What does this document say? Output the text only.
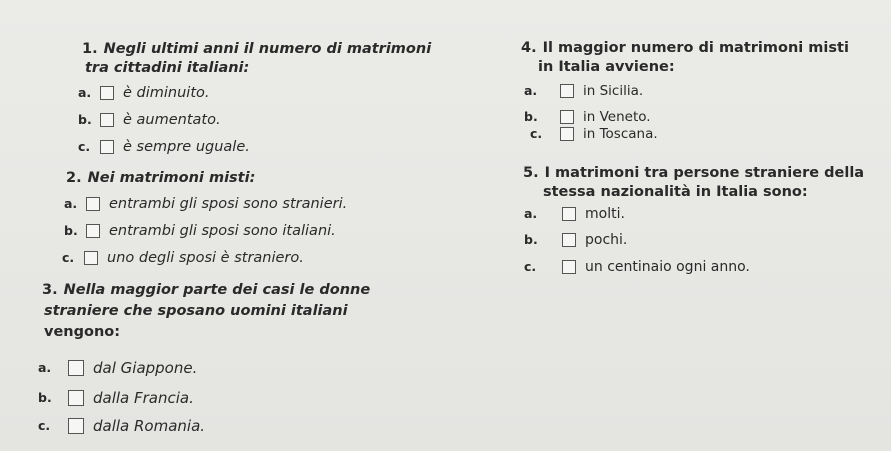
1. Negli ultimi anni il numero di matrimoni
tra cittadini italiani:
a.	è diminuito.
b.	è aumentato.
c.	è sempre uguale.
2. Nei matrimoni misti:
a.	entrambi gli sposi sono stranieri.
b.	entrambi gli sposi sono italiani.
c.	uno degli sposi è straniero.
3. Nella maggior parte dei casi le donne
straniere che sposano uomini italiani
vengono:
a.	dal Giappone.
b.	dalla Francia.
c.	dalla Romania.
4. Il maggior numero di matrimoni misti
in Italia avviene:
a.	in Sicilia.
b.	in Veneto.
c.	in Toscana.
5. I matrimoni tra persone straniere della
stessa nazionalità in Italia sono:
a.	molti.
b.	pochi.
c.	un centinaio ogni anno.
